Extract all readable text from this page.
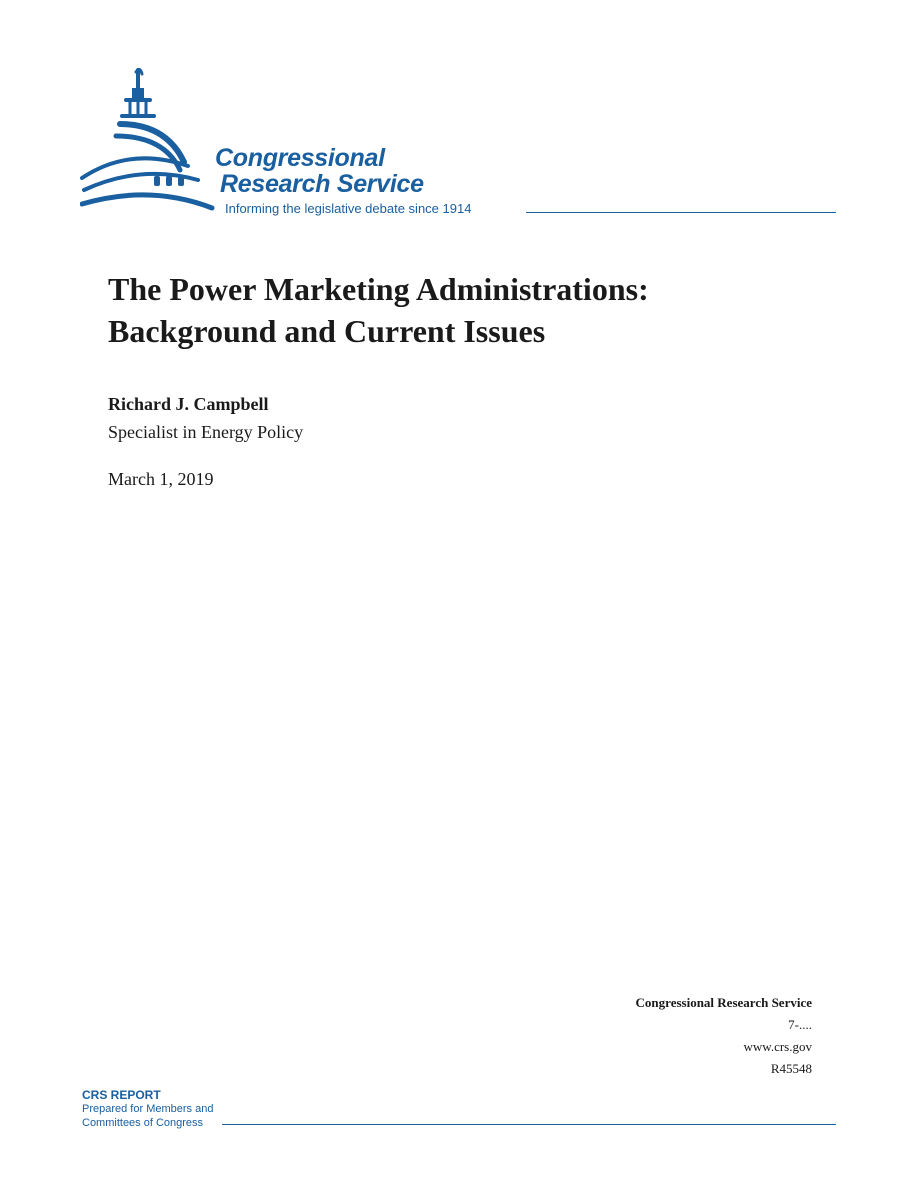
Congressional
Research Service
Informing the legislative debate since 1914
The Power Marketing Administrations:
Background and Current Issues

Richard J. Campbell

Specialist in Energy Policy

March 1, 2019

Congressional Research Service
7-....
www.crs.gov
R45548
CRS REPORT
Prepared for Members and
Committees of Congress
